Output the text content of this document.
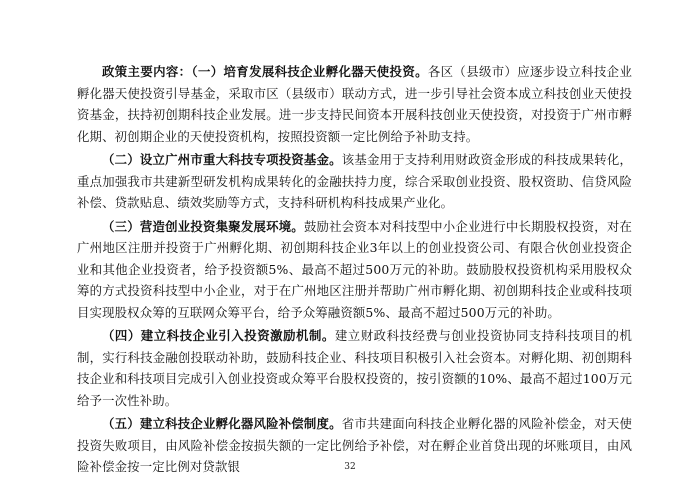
政策主要内容：（一）培育发展科技企业孵化器天使投资。各区（县级市）应逐步设立科技企业孵化器天使投资引导基金，采取市区（县级市）联动方式，进一步引导社会资本成立科技创业天使投资基金，扶持初创期科技企业发展。进一步支持民间资本开展科技创业天使投资，对投资于广州市孵化期、初创期企业的天使投资机构，按照投资额一定比例给予补助支持。

（二）设立广州市重大科技专项投资基金。该基金用于支持利用财政资金形成的科技成果转化，重点加强我市共建新型研发机构成果转化的金融扶持力度，综合采取创业投资、股权资助、信贷风险补偿、贷款贴息、绩效奖励等方式，支持科研机构科技成果产业化。

（三）营造创业投资集聚发展环境。鼓励社会资本对科技型中小企业进行中长期股权投资，对在广州地区注册并投资于广州孵化期、初创期科技企业3年以上的创业投资公司、有限合伙创业投资企业和其他企业投资者，给予投资额5%、最高不超过500万元的补助。鼓励股权投资机构采用股权众筹的方式投资科技型中小企业，对于在广州地区注册并帮助广州市孵化期、初创期科技企业或科技项目实现股权众筹的互联网众筹平台，给予众筹融资额5%、最高不超过500万元的补助。

（四）建立科技企业引入投资激励机制。建立财政科技经费与创业投资协同支持科技项目的机制，实行科技金融创投联动补助，鼓励科技企业、科技项目积极引入社会资本。对孵化期、初创期科技企业和科技项目完成引入创业投资或众筹平台股权投资的，按引资额的10%、最高不超过100万元给予一次性补助。

（五）建立科技企业孵化器风险补偿制度。省市共建面向科技企业孵化器的风险补偿金，对天使投资失败项目，由风险补偿金按损失额的一定比例给予补偿，对在孵企业首贷出现的坏账项目，由风险补偿金按一定比例对贷款银	32
